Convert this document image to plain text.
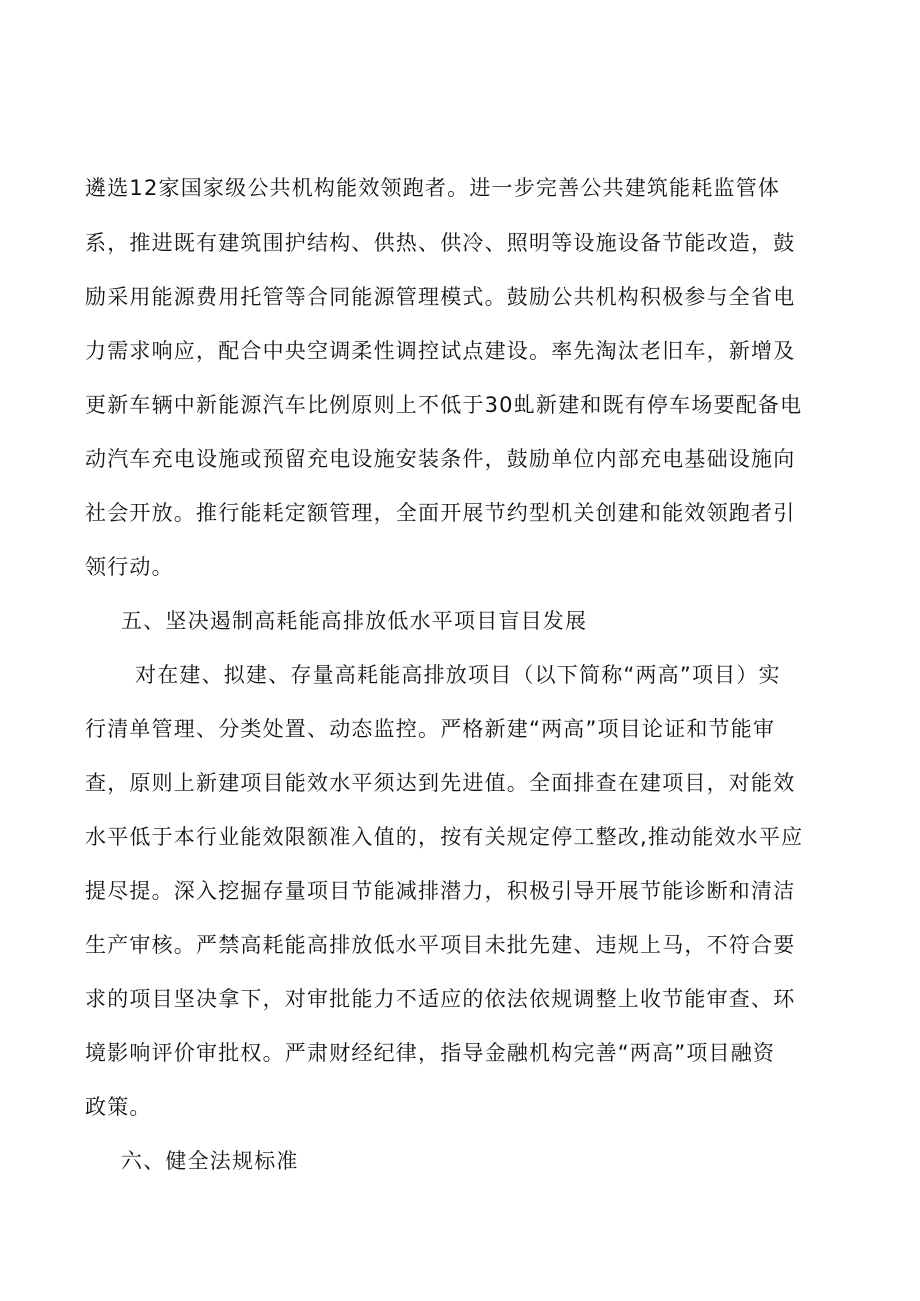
遴选12家国家级公共机构能效领跑者。进一步完善公共建筑能耗监管体
系，推进既有建筑围护结构、供热、供冷、照明等设施设备节能改造，鼓
励采用能源费用托管等合同能源管理模式。鼓励公共机构积极参与全省电
力需求响应，配合中央空调柔性调控试点建设。率先淘汰老旧车，新增及
更新车辆中新能源汽车比例原则上不低于30虬新建和既有停车场要配备电
动汽车充电设施或预留充电设施安装条件，鼓励单位内部充电基础设施向
社会开放。推行能耗定额管理，全面开展节约型机关创建和能效领跑者引
领行动。
五、坚决遏制高耗能高排放低水平项目盲目发展
对在建、拟建、存量高耗能高排放项目（以下简称“两高”项目）实
行清单管理、分类处置、动态监控。严格新建“两高”项目论证和节能审
查，原则上新建项目能效水平须达到先进值。全面排查在建项目，对能效
水平低于本行业能效限额准入值的，按有关规定停工整改,推动能效水平应
提尽提。深入挖掘存量项目节能减排潜力，积极引导开展节能诊断和清洁
生产审核。严禁高耗能高排放低水平项目未批先建、违规上马，不符合要
求的项目坚决拿下，对审批能力不适应的依法依规调整上收节能审查、环
境影响评价审批权。严肃财经纪律，指导金融机构完善“两高”项目融资
政策。
六、健全法规标准
